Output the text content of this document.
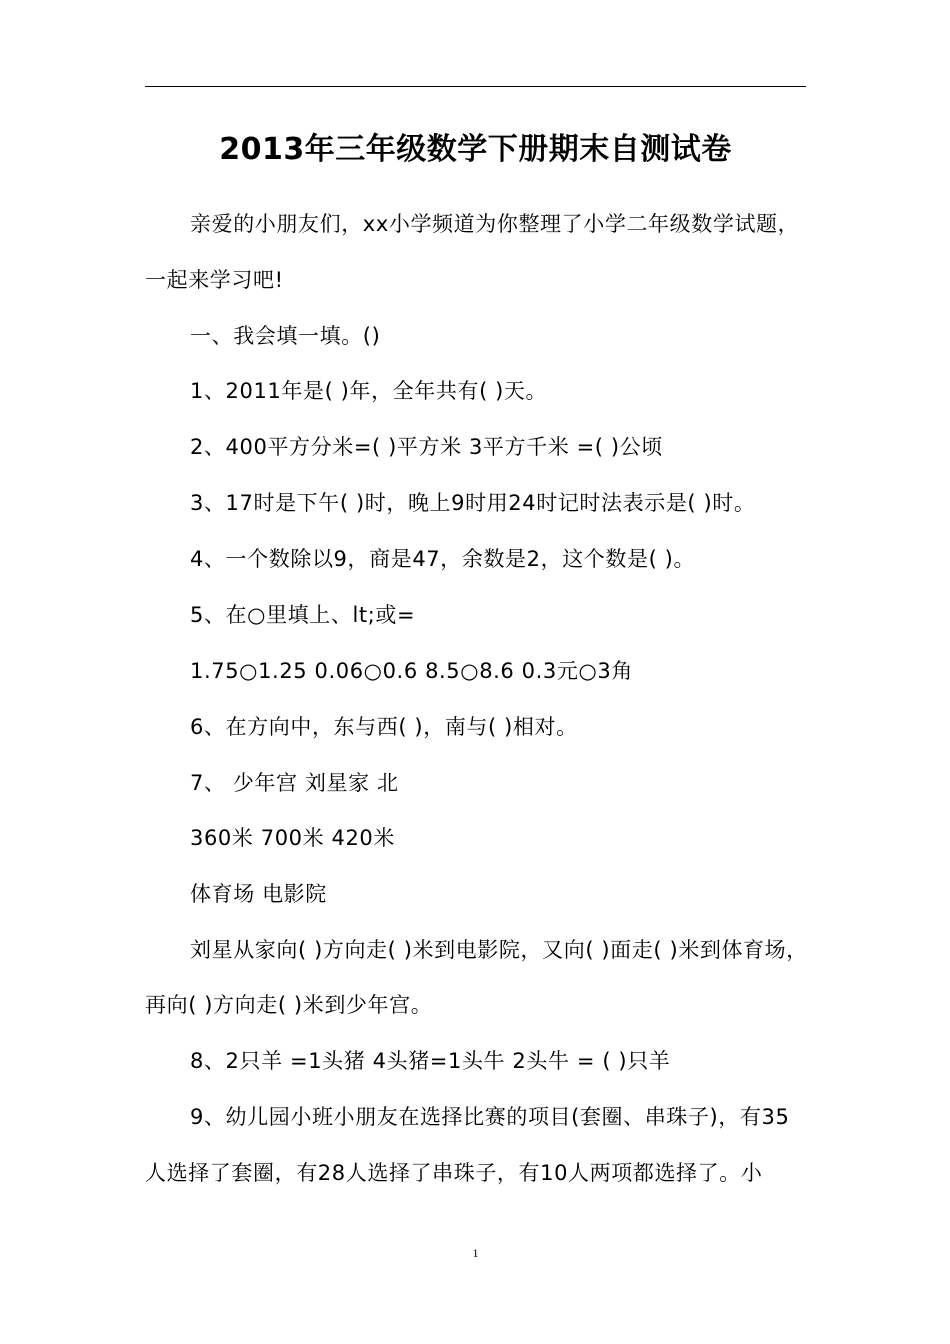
2013年三年级数学下册期末自测试卷
亲爱的小朋友们，xx小学频道为你整理了小学二年级数学试题，
一起来学习吧!
一、我会填一填。()
1、2011年是( )年，全年共有( )天。
2、400平方分米=( )平方米 3平方千米 =( )公顷
3、17时是下午( )时，晚上9时用24时记时法表示是( )时。
4、一个数除以9，商是47，余数是2，这个数是( )。
5、在○里填上、lt;或=
1.75○1.25 0.06○0.6 8.5○8.6 0.3元○3角
6、在方向中，东与西( )，南与( )相对。
7、 少年宫 刘星家 北
360米 700米 420米
体育场 电影院
刘星从家向( )方向走( )米到电影院，又向( )面走( )米到体育场，
再向( )方向走( )米到少年宫。
8、2只羊 =1头猪 4头猪=1头牛 2头牛 = ( )只羊
9、幼儿园小班小朋友在选择比赛的项目(套圈、串珠子)，有35
人选择了套圈，有28人选择了串珠子，有10人两项都选择了。小
1
